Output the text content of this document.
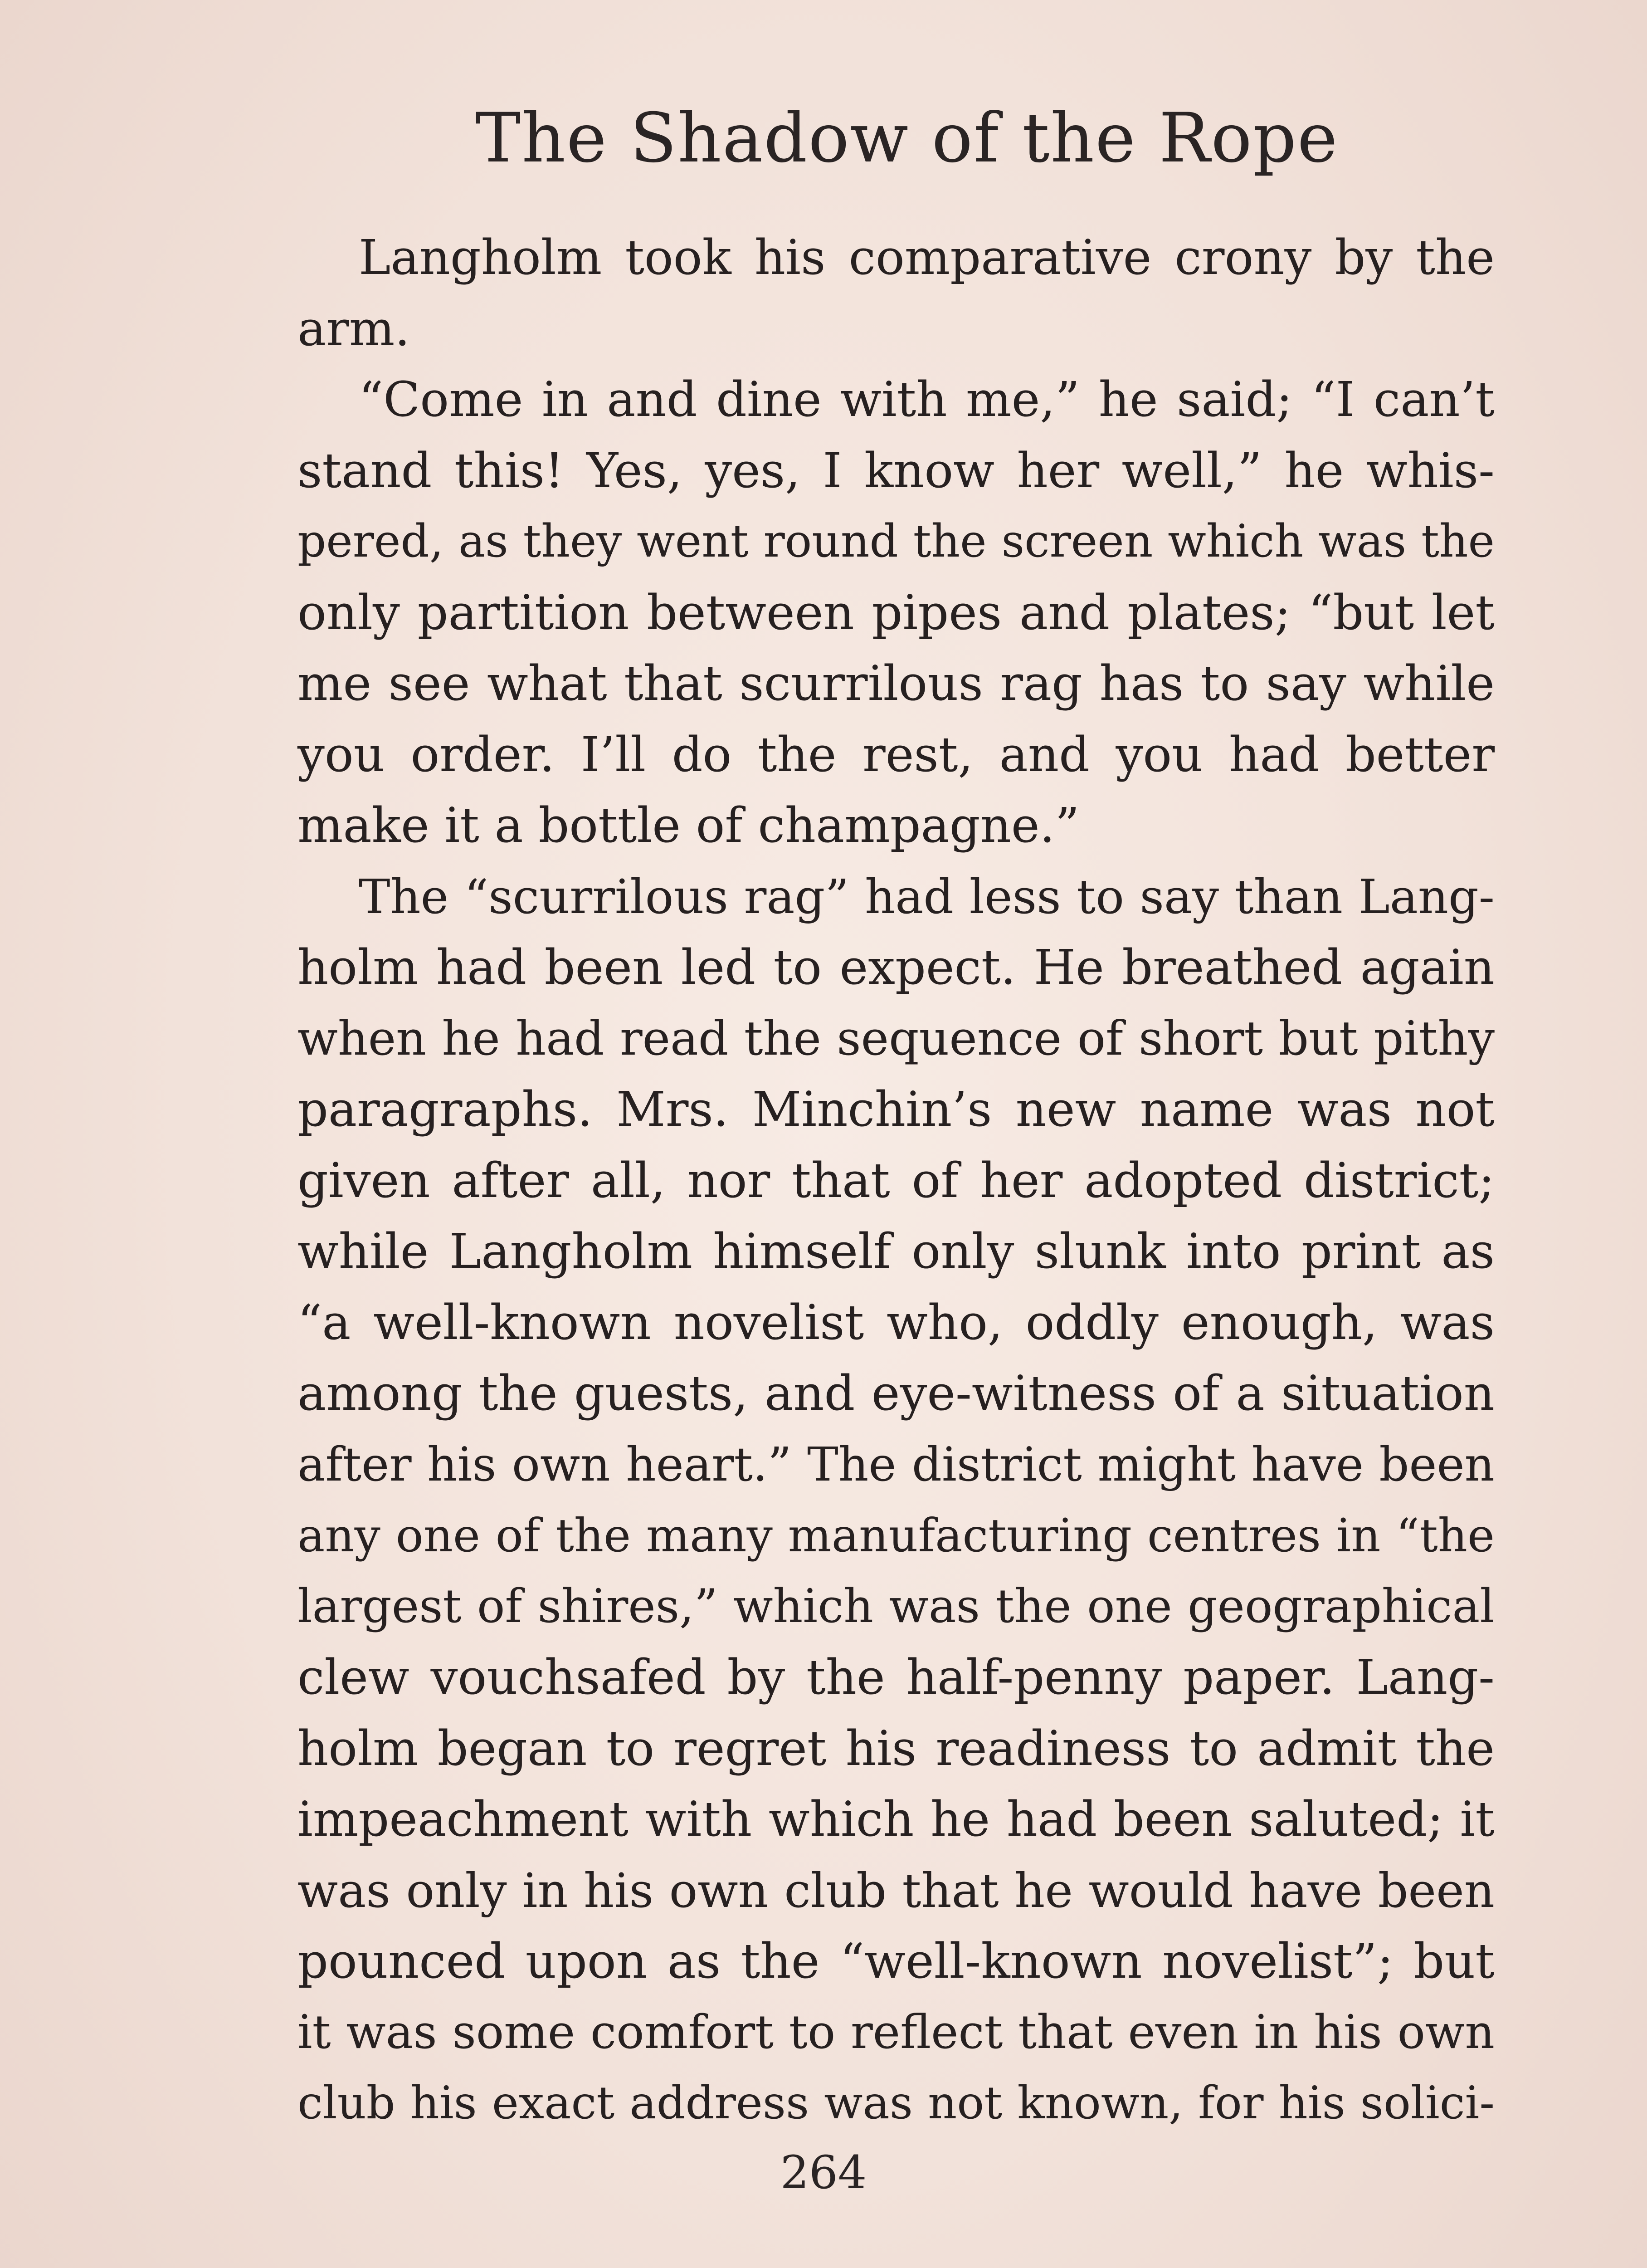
The Shadow of the Rope
Langholm took his comparative crony by the
arm.
“Come in and dine with me,” he said; “I can’t
stand this! Yes, yes, I know her well,” he whis-
pered, as they went round the screen which was the
only partition between pipes and plates; “but let
me see what that scurrilous rag has to say while
you order. I’ll do the rest, and you had better
make it a bottle of champagne.”
The “scurrilous rag” had less to say than Lang-
holm had been led to expect. He breathed again
when he had read the sequence of short but pithy
paragraphs. Mrs. Minchin’s new name was not
given after all, nor that of her adopted district;
while Langholm himself only slunk into print as
“a well-known novelist who, oddly enough, was
among the guests, and eye-witness of a situation
after his own heart.” The district might have been
any one of the many manufacturing centres in “the
largest of shires,” which was the one geographical
clew vouchsafed by the half-penny paper. Lang-
holm began to regret his readiness to admit the
impeachment with which he had been saluted; it
was only in his own club that he would have been
pounced upon as the “well-known novelist”; but
it was some comfort to reflect that even in his own
club his exact address was not known, for his solici-
264
